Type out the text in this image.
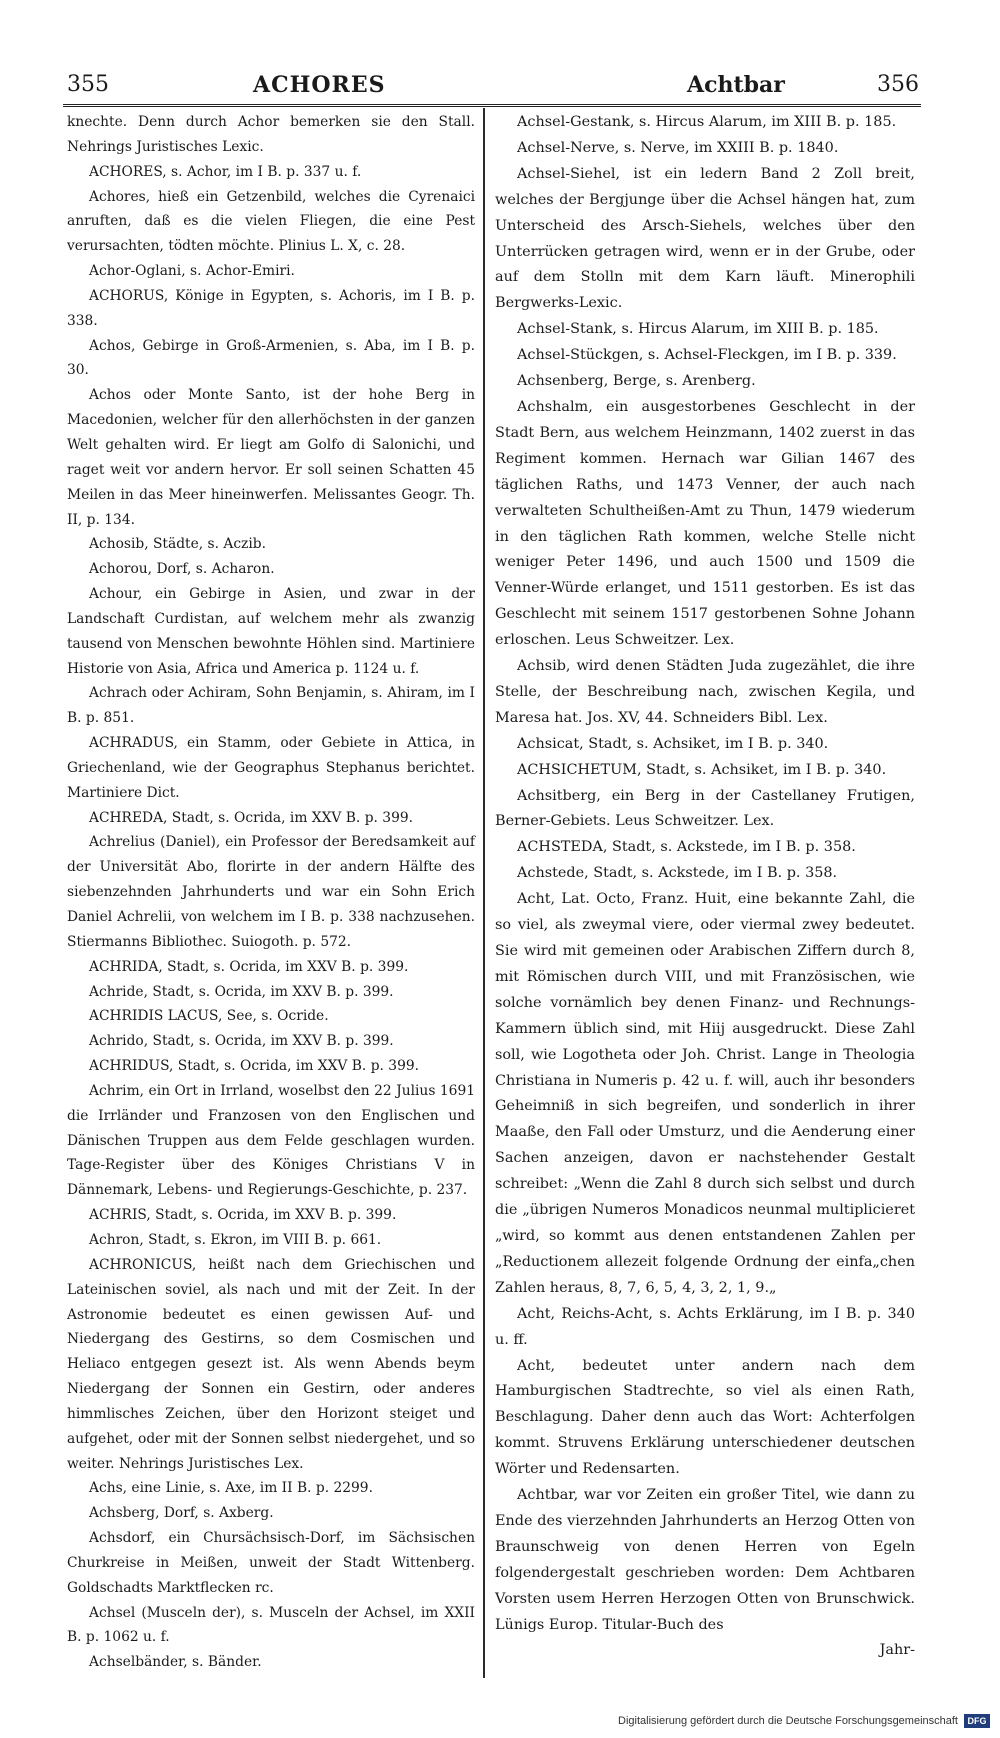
355	ACHORES	Achtbar	356

knechte. Denn durch Achor bemerken sie den Stall. Nehrings Juristisches Lexic.

ACHORES, s. Achor, im I B. p. 337 u. f.

Achores, hieß ein Getzenbild, welches die Cyrenaici anruften, daß es die vielen Fliegen, die eine Pest verursachten, tödten möchte. Plinius L. X, c. 28.

Achor-Oglani, s. Achor-Emiri.

ACHORUS, Könige in Egypten, s. Achoris, im I B. p. 338.

Achos, Gebirge in Groß-Armenien, s. Aba, im I B. p. 30.

Achos oder Monte Santo, ist der hohe Berg in Macedonien, welcher für den allerhöchsten in der ganzen Welt gehalten wird. Er liegt am Golfo di Salonichi, und raget weit vor andern hervor. Er soll seinen Schatten 45 Meilen in das Meer hineinwerfen. Melissantes Geogr. Th. II, p. 134.

Achosib, Städte, s. Aczib.

Achorou, Dorf, s. Acharon.

Achour, ein Gebirge in Asien, und zwar in der Landschaft Curdistan, auf welchem mehr als zwanzig tausend von Menschen bewohnte Höhlen sind. Martiniere Historie von Asia, Africa und America p. 1124 u. f.

Achrach oder Achiram, Sohn Benjamin, s. Ahiram, im I B. p. 851.

ACHRADUS, ein Stamm, oder Gebiete in Attica, in Griechenland, wie der Geographus Stephanus berichtet. Martiniere Dict.

ACHREDA, Stadt, s. Ocrida, im XXV B. p. 399.

Achrelius (Daniel), ein Professor der Beredsamkeit auf der Universität Abo, florirte in der andern Hälfte des siebenzehnden Jahrhunderts und war ein Sohn Erich Daniel Achrelii, von welchem im I B. p. 338 nachzusehen. Stiermanns Bibliothec. Suiogoth. p. 572.

ACHRIDA, Stadt, s. Ocrida, im XXV B. p. 399.

Achride, Stadt, s. Ocrida, im XXV B. p. 399.

ACHRIDIS LACUS, See, s. Ocride.

Achrido, Stadt, s. Ocrida, im XXV B. p. 399.

ACHRIDUS, Stadt, s. Ocrida, im XXV B. p. 399.

Achrim, ein Ort in Irrland, woselbst den 22 Julius 1691 die Irrländer und Franzosen von den Englischen und Dänischen Truppen aus dem Felde geschlagen wurden. Tage-Register über des Königes Christians V in Dännemark, Lebens- und Regierungs-Geschichte, p. 237.

ACHRIS, Stadt, s. Ocrida, im XXV B. p. 399.

Achron, Stadt, s. Ekron, im VIII B. p. 661.

ACHRONICUS, heißt nach dem Griechischen und Lateinischen soviel, als nach und mit der Zeit. In der Astronomie bedeutet es einen gewissen Auf- und Niedergang des Gestirns, so dem Cosmischen und Heliaco entgegen gesezt ist. Als wenn Abends beym Niedergang der Sonnen ein Gestirn, oder anderes himmlisches Zeichen, über den Horizont steiget und aufgehet, oder mit der Sonnen selbst niedergehet, und so weiter. Nehrings Juristisches Lex.

Achs, eine Linie, s. Axe, im II B. p. 2299.

Achsberg, Dorf, s. Axberg.

Achsdorf, ein Chursächsisch-Dorf, im Sächsischen Churkreise in Meißen, unweit der Stadt Wittenberg. Goldschadts Marktflecken rc.

Achsel (Musceln der), s. Musceln der Achsel, im XXII B. p. 1062 u. f.

Achselbänder, s. Bänder.

Achsel-Gestank, s. Hircus Alarum, im XIII B. p. 185.

Achsel-Nerve, s. Nerve, im XXIII B. p. 1840.

Achsel-Siehel, ist ein ledern Band 2 Zoll breit, welches der Bergjunge über die Achsel hängen hat, zum Unterscheid des Arsch-Siehels, welches über den Unterrücken getragen wird, wenn er in der Grube, oder auf dem Stolln mit dem Karn läuft. Minerophili Bergwerks-Lexic.

Achsel-Stank, s. Hircus Alarum, im XIII B. p. 185.

Achsel-Stückgen, s. Achsel-Fleckgen, im I B. p. 339.

Achsenberg, Berge, s. Arenberg.

Achshalm, ein ausgestorbenes Geschlecht in der Stadt Bern, aus welchem Heinzmann, 1402 zuerst in das Regiment kommen. Hernach war Gilian 1467 des täglichen Raths, und 1473 Venner, der auch nach verwalteten Schultheißen-Amt zu Thun, 1479 wiederum in den täglichen Rath kommen, welche Stelle nicht weniger Peter 1496, und auch 1500 und 1509 die Venner-Würde erlanget, und 1511 gestorben. Es ist das Geschlecht mit seinem 1517 gestorbenen Sohne Johann erloschen. Leus Schweitzer. Lex.

Achsib, wird denen Städten Juda zugezählet, die ihre Stelle, der Beschreibung nach, zwischen Kegila, und Maresa hat. Jos. XV, 44. Schneiders Bibl. Lex.

Achsicat, Stadt, s. Achsiket, im I B. p. 340.

ACHSICHETUM, Stadt, s. Achsiket, im I B. p. 340.

Achsitberg, ein Berg in der Castellaney Frutigen, Berner-Gebiets. Leus Schweitzer. Lex.

ACHSTEDA, Stadt, s. Ackstede, im I B. p. 358.

Achstede, Stadt, s. Ackstede, im I B. p. 358.

Acht, Lat. Octo, Franz. Huit, eine bekannte Zahl, die so viel, als zweymal viere, oder viermal zwey bedeutet. Sie wird mit gemeinen oder Arabischen Ziffern durch 8, mit Römischen durch VIII, und mit Französischen, wie solche vornämlich bey denen Finanz- und Rechnungs-Kammern üblich sind, mit Hiij ausgedruckt. Diese Zahl soll, wie Logotheta oder Joh. Christ. Lange in Theologia Christiana in Numeris p. 42 u. f. will, auch ihr besonders Geheimniß in sich begreifen, und sonderlich in ihrer Maaße, den Fall oder Umsturz, und die Aenderung einer Sachen anzeigen, davon er nachstehender Gestalt schreibet: „Wenn die Zahl 8 durch sich selbst und durch die „übrigen Numeros Monadicos neunmal multiplicieret „wird, so kommt aus denen entstandenen Zahlen per „Reductionem allezeit folgende Ordnung der einfa„chen Zahlen heraus, 8, 7, 6, 5, 4, 3, 2, 1, 9.„

Acht, Reichs-Acht, s. Achts Erklärung, im I B. p. 340 u. ff.

Acht, bedeutet unter andern nach dem Hamburgischen Stadtrechte, so viel als einen Rath, Beschlagung. Daher denn auch das Wort: Achterfolgen kommt. Struvens Erklärung unterschiedener deutschen Wörter und Redensarten.

Achtbar, war vor Zeiten ein großer Titel, wie dann zu Ende des vierzehnden Jahrhunderts an Herzog Otten von Braunschweig von denen Herren von Egeln folgendergestalt geschrieben worden: Dem Achtbaren Vorsten usem Herren Herzogen Otten von Brunschwick. Lünigs Europ. Titular-Buch des

Jahr-

Digitalisierung gefördert durch die Deutsche Forschungsgemeinschaft	DFG
